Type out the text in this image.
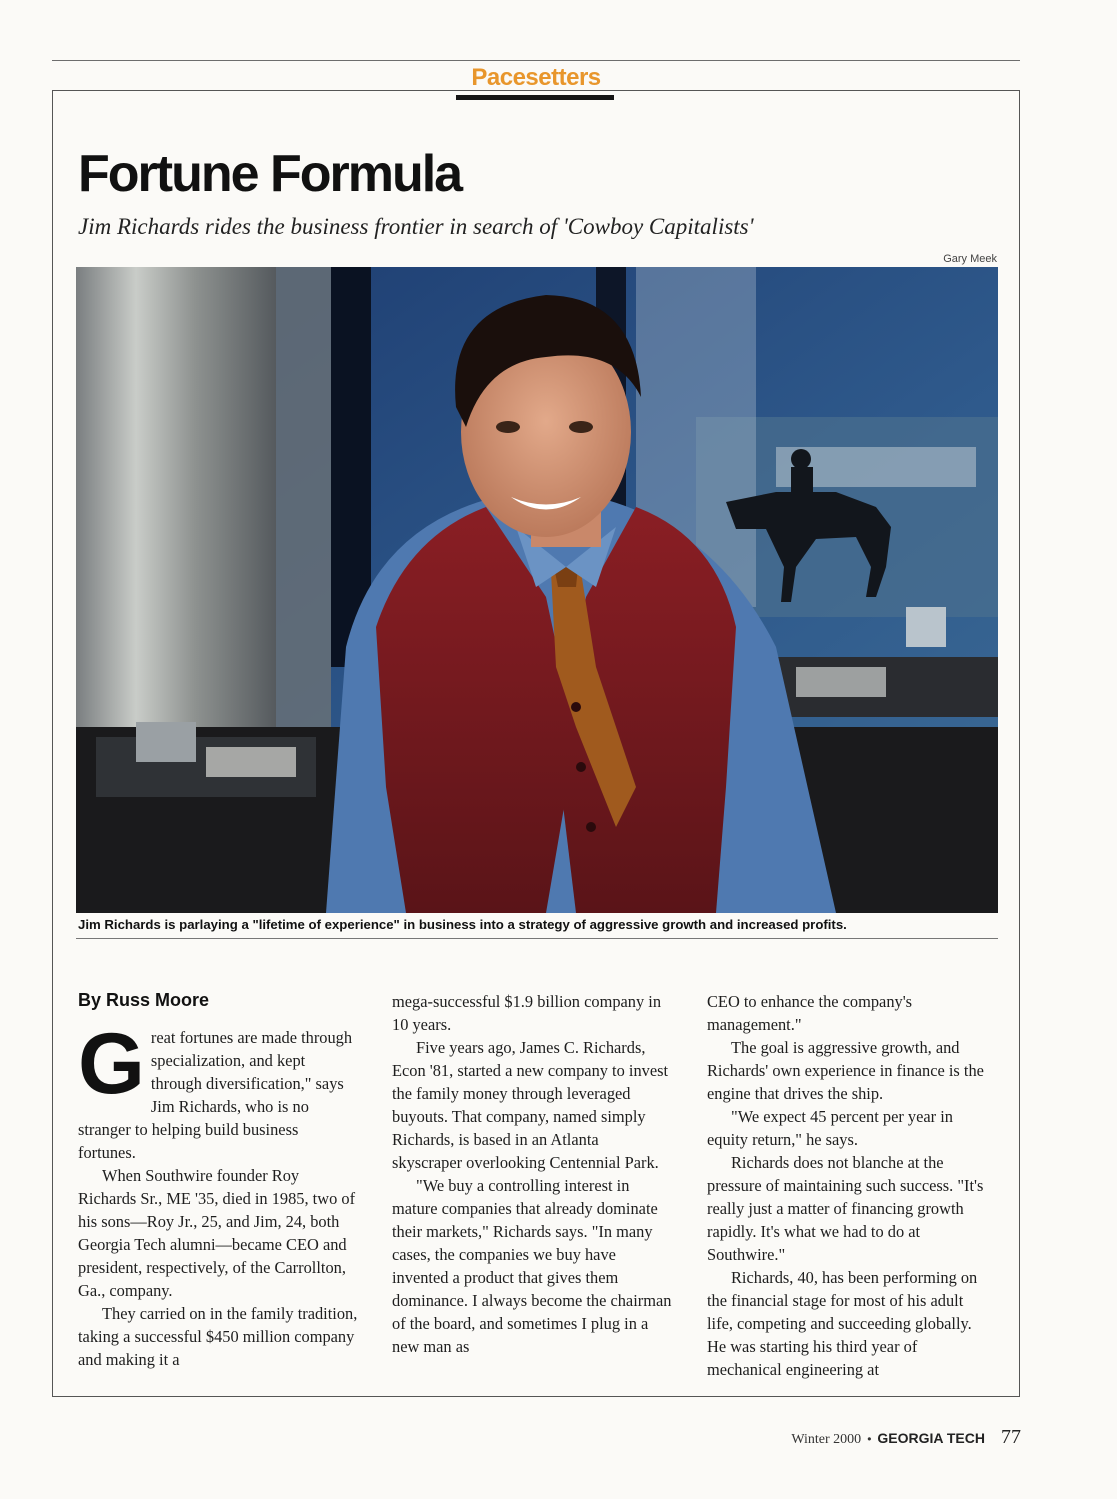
Pacesetters
Fortune Formula

Jim Richards rides the business frontier in search of 'Cowboy Capitalists'

Gary Meek
Jim Richards is parlaying a "lifetime of experience" in business into a strategy of aggressive growth and increased profits.
By Russ Moore

Great fortunes are made through specialization, and kept through diversification," says Jim Richards, who is no stranger to helping build business fortunes.

When Southwire founder Roy Richards Sr., ME '35, died in 1985, two of his sons—Roy Jr., 25, and Jim, 24, both Georgia Tech alumni—became CEO and president, respectively, of the Carrollton, Ga., company.

They carried on in the family tradition, taking a successful $450 million company and making it a

mega-successful $1.9 billion company in 10 years.

Five years ago, James C. Richards, Econ '81, started a new company to invest the family money through leveraged buyouts. That company, named simply Richards, is based in an Atlanta skyscraper overlooking Centennial Park.

"We buy a controlling interest in mature companies that already dominate their markets," Richards says. "In many cases, the companies we buy have invented a product that gives them dominance. I always become the chairman of the board, and sometimes I plug in a new man as

CEO to enhance the company's management."

The goal is aggressive growth, and Richards' own experience in finance is the engine that drives the ship.

"We expect 45 percent per year in equity return," he says.

Richards does not blanche at the pressure of maintaining such success. "It's really just a matter of financing growth rapidly. It's what we had to do at Southwire."

Richards, 40, has been performing on the financial stage for most of his adult life, competing and succeeding globally. He was starting his third year of mechanical engineering at

Winter 2000 • GEORGIA TECH 77
